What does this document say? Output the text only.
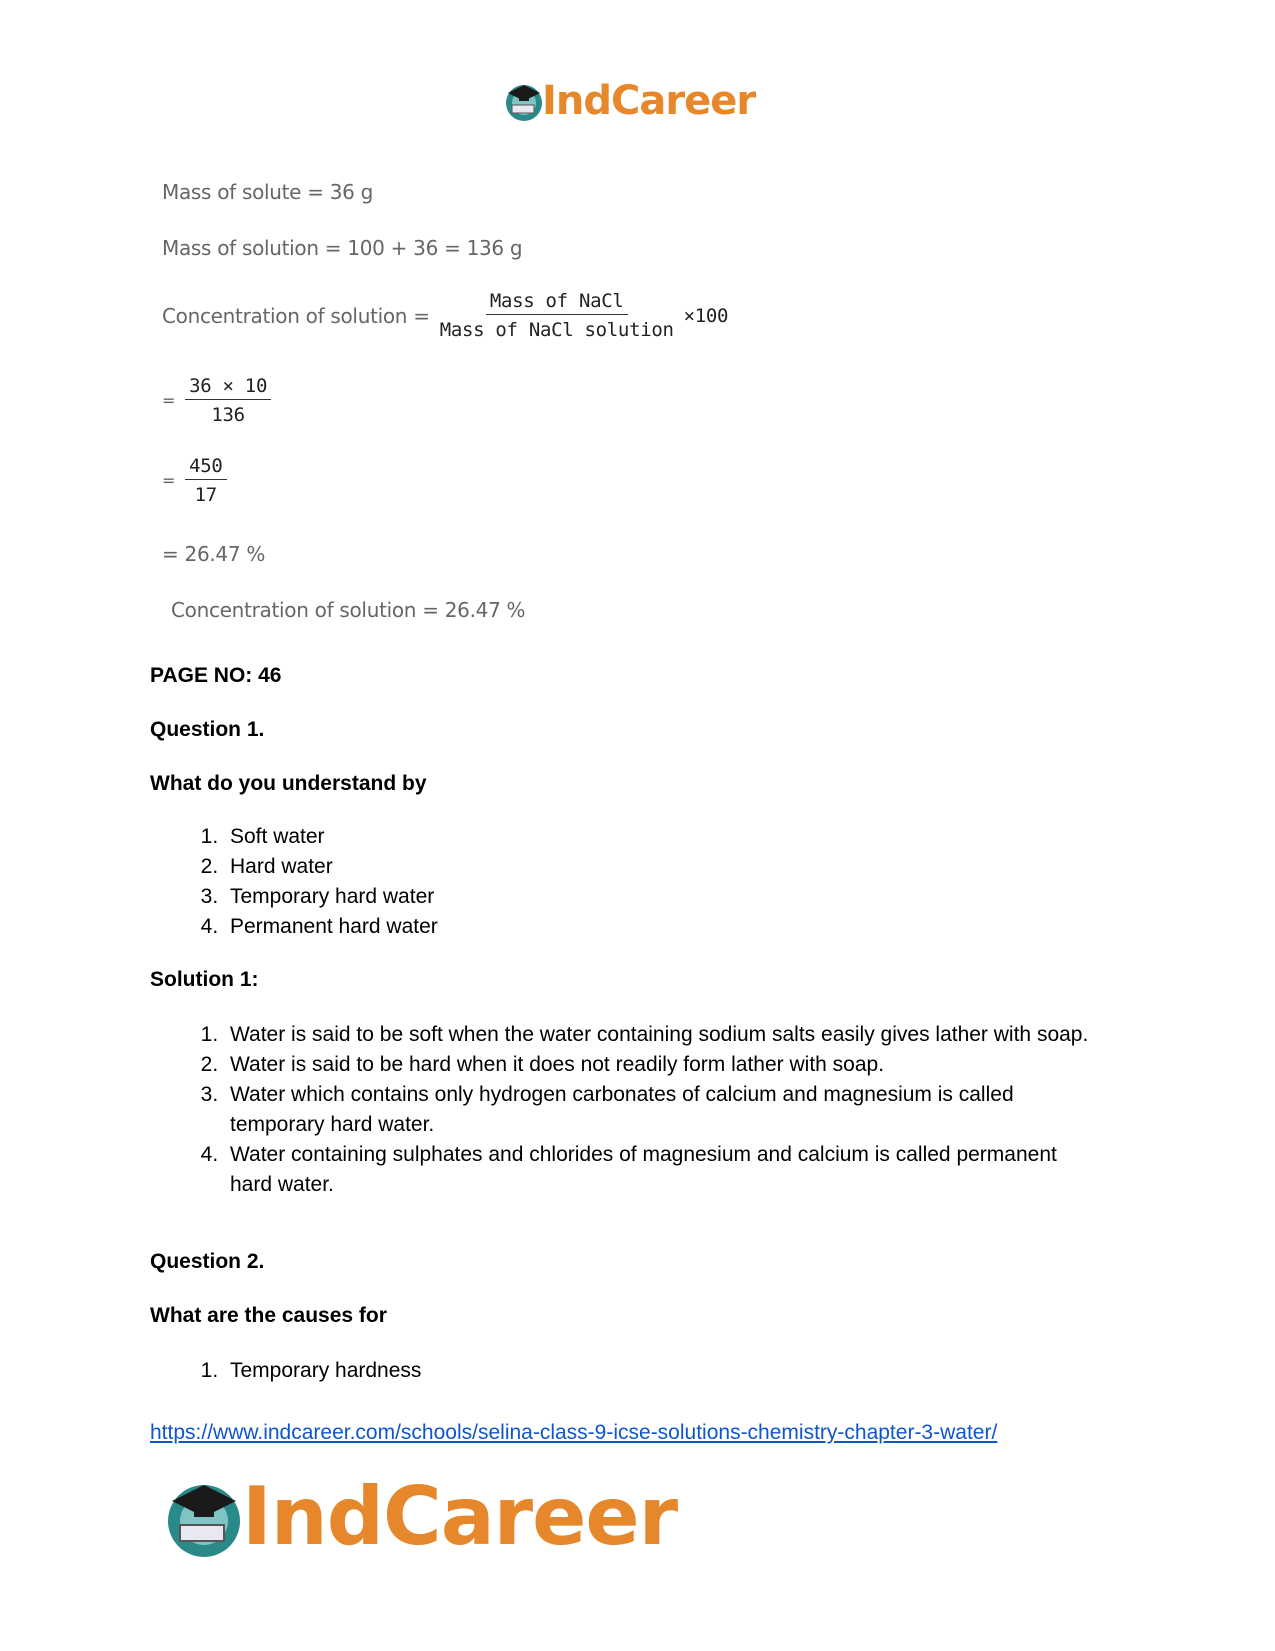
IndCareer
Mass of solute = 36 g
Mass of solution = 100 + 36 = 136 g
Concentration of solution = $\frac{\text{Mass of NaCl}}{\text{Mass of NaCl solution}} \times 100$
= $\frac{36 \times 10}{136}$
= $\frac{450}{17}$
= 26.47 %
Concentration of solution = 26.47 %
PAGE NO: 46
Question 1.
What do you understand by
1. Soft water
2. Hard water
3. Temporary hard water
4. Permanent hard water
Solution 1:
1. Water is said to be soft when the water containing sodium salts easily gives lather with soap.
2. Water is said to be hard when it does not readily form lather with soap.
3. Water which contains only hydrogen carbonates of calcium and magnesium is called temporary hard water.
4. Water containing sulphates and chlorides of magnesium and calcium is called permanent hard water.
Question 2.
What are the causes for
1. Temporary hardness
https://www.indcareer.com/schools/selina-class-9-icse-solutions-chemistry-chapter-3-water/
IndCareer
